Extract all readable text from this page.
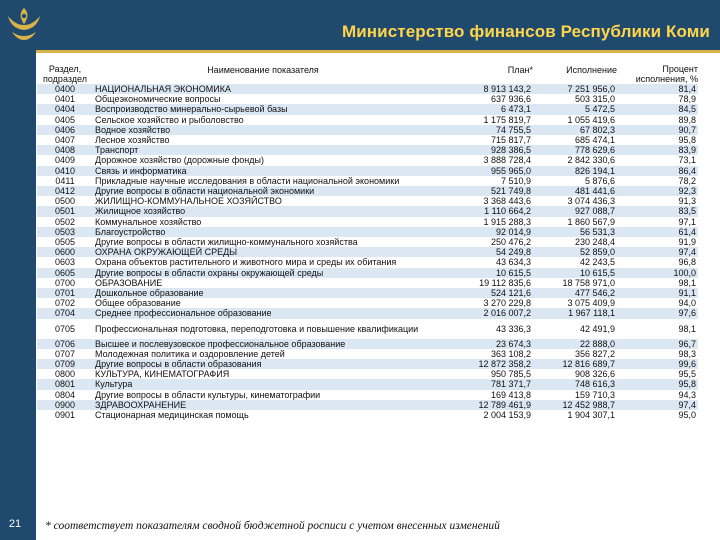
Министерство финансов Республики Коми
21
Раздел, подраздел	Наименование показателя	План*	Исполнение	Процент исполнения, %
0400	НАЦИОНАЛЬНАЯ ЭКОНОМИКА	8 913 143,2	7 251 956,0	81,4
0401	Общеэкономические вопросы	637 936,6	503 315,0	78,9
0404	Воспроизводство минерально-сырьевой базы	6 473,1	5 472,5	84,5
0405	Сельское хозяйство и рыболовство	1 175 819,7	1 055 419,6	89,8
0406	Водное хозяйство	74 755,5	67 802,3	90,7
0407	Лесное хозяйство	715 817,7	685 474,1	95,8
0408	Транспорт	928 386,5	778 629,6	83,9
0409	Дорожное хозяйство (дорожные фонды)	3 888 728,4	2 842 330,6	73,1
0410	Связь и информатика	955 965,0	826 194,1	86,4
0411	Прикладные научные исследования в области национальной экономики	7 510,9	5 876,6	78,2
0412	Другие вопросы в области национальной экономики	521 749,8	481 441,6	92,3
0500	ЖИЛИЩНО-КОММУНАЛЬНОЕ ХОЗЯЙСТВО	3 368 443,6	3 074 436,3	91,3
0501	Жилищное хозяйство	1 110 664,2	927 088,7	83,5
0502	Коммунальное хозяйство	1 915 288,3	1 860 567,9	97,1
0503	Благоустройство	92 014,9	56 531,3	61,4
0505	Другие вопросы в области жилищно-коммунального хозяйства	250 476,2	230 248,4	91,9
0600	ОХРАНА ОКРУЖАЮЩЕЙ СРЕДЫ	54 249,8	52 859,0	97,4
0603	Охрана объектов растительного и животного мира и среды их обитания	43 634,3	42 243,5	96,8
0605	Другие вопросы в области охраны окружающей среды	10 615,5	10 615,5	100,0
0700	ОБРАЗОВАНИЕ	19 112 835,6	18 758 971,0	98,1
0701	Дошкольное образование	524 121,6	477 546,2	91,1
0702	Общее образование	3 270 229,8	3 075 409,9	94,0
0704	Среднее профессиональное образование	2 016 007,2	1 967 118,1	97,6
0705	Профессиональная подготовка, переподготовка и повышение квалификации	43 336,3	42 491,9	98,1
0706	Высшее и послевузовское профессиональное образование	23 674,3	22 888,0	96,7
0707	Молодежная политика и оздоровление детей	363 108,2	356 827,2	98,3
0709	Другие вопросы в области образования	12 872 358,2	12 816 689,7	99,6
0800	КУЛЬТУРА, КИНЕМАТОГРАФИЯ	950 785,5	908 326,6	95,5
0801	Культура	781 371,7	748 616,3	95,8
0804	Другие вопросы в области культуры, кинематографии	169 413,8	159 710,3	94,3
0900	ЗДРАВООХРАНЕНИЕ	12 789 461,9	12 452 988,7	97,4
0901	Стационарная медицинская помощь	2 004 153,9	1 904 307,1	95,0
* соответствует показателям сводной бюджетной росписи с учетом внесенных изменений
